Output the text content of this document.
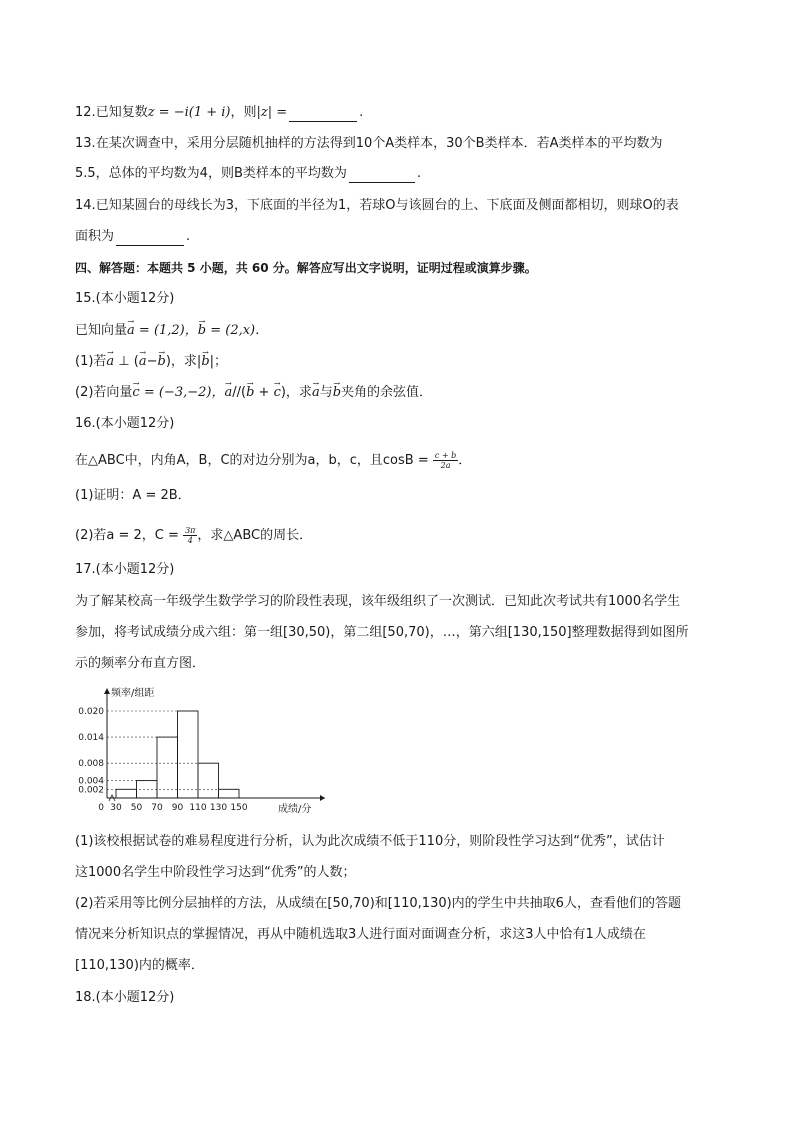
12.已知复数z = −i(1 + i)，则|z| =	.
13.在某次调查中，采用分层随机抽样的方法得到10个A类样本，30个B类样本．若A类样本的平均数为
5.5，总体的平均数为4，则B类样本的平均数为	.
14.已知某圆台的母线长为3，下底面的半径为1，若球O与该圆台的上、下底面及侧面都相切，则球O的表
面积为	.
四、解答题：本题共 5 小题，共 60 分。解答应写出文字说明，证明过程或演算步骤。
15.(本小题12分)
已知向量→ a = (1,2)，→ b = (2,x)．
(1)若→ a ⊥ (→ a−→ b)，求|→ b|；
(2)若向量→ c = (−3,−2)，→ a//(→ b + → c)，求→ a与→ b夹角的余弦值．
16.(本小题12分)
在△ABC中，内角A，B，C的对边分别为a，b，c，且$\cos B = \frac{c + b}{2a}$ ．
(1)证明：A = 2B．
(2)若a = 2，$C = \frac{3\pi}{4}$ ，求△ABC的周长．
17.(本小题12分)
为了解某校高一年级学生数学学习的阶段性表现，该年级组织了一次测试．已知此次考试共有1000名学生
参加，将考试成绩分成六组：第一组[30,50)，第二组[50,70)，…，第六组[130,150]整理数据得到如图所
示的频率分布直方图．
0.020
0.014
0.008
0.004
0.002
30 50 70 90 110 130 150
0
频率/组距
成绩/分
(1)该校根据试卷的难易程度进行分析，认为此次成绩不低于110分，则阶段性学习达到“优秀”，试估计
这1000名学生中阶段性学习达到“优秀”的人数；
(2)若采用等比例分层抽样的方法，从成绩在[50,70)和[110,130)内的学生中共抽取6人，查看他们的答题
情况来分析知识点的掌握情况，再从中随机选取3人进行面对面调查分析，求这3人中恰有1人成绩在
[110,130)内的概率．
18.(本小题12分)
